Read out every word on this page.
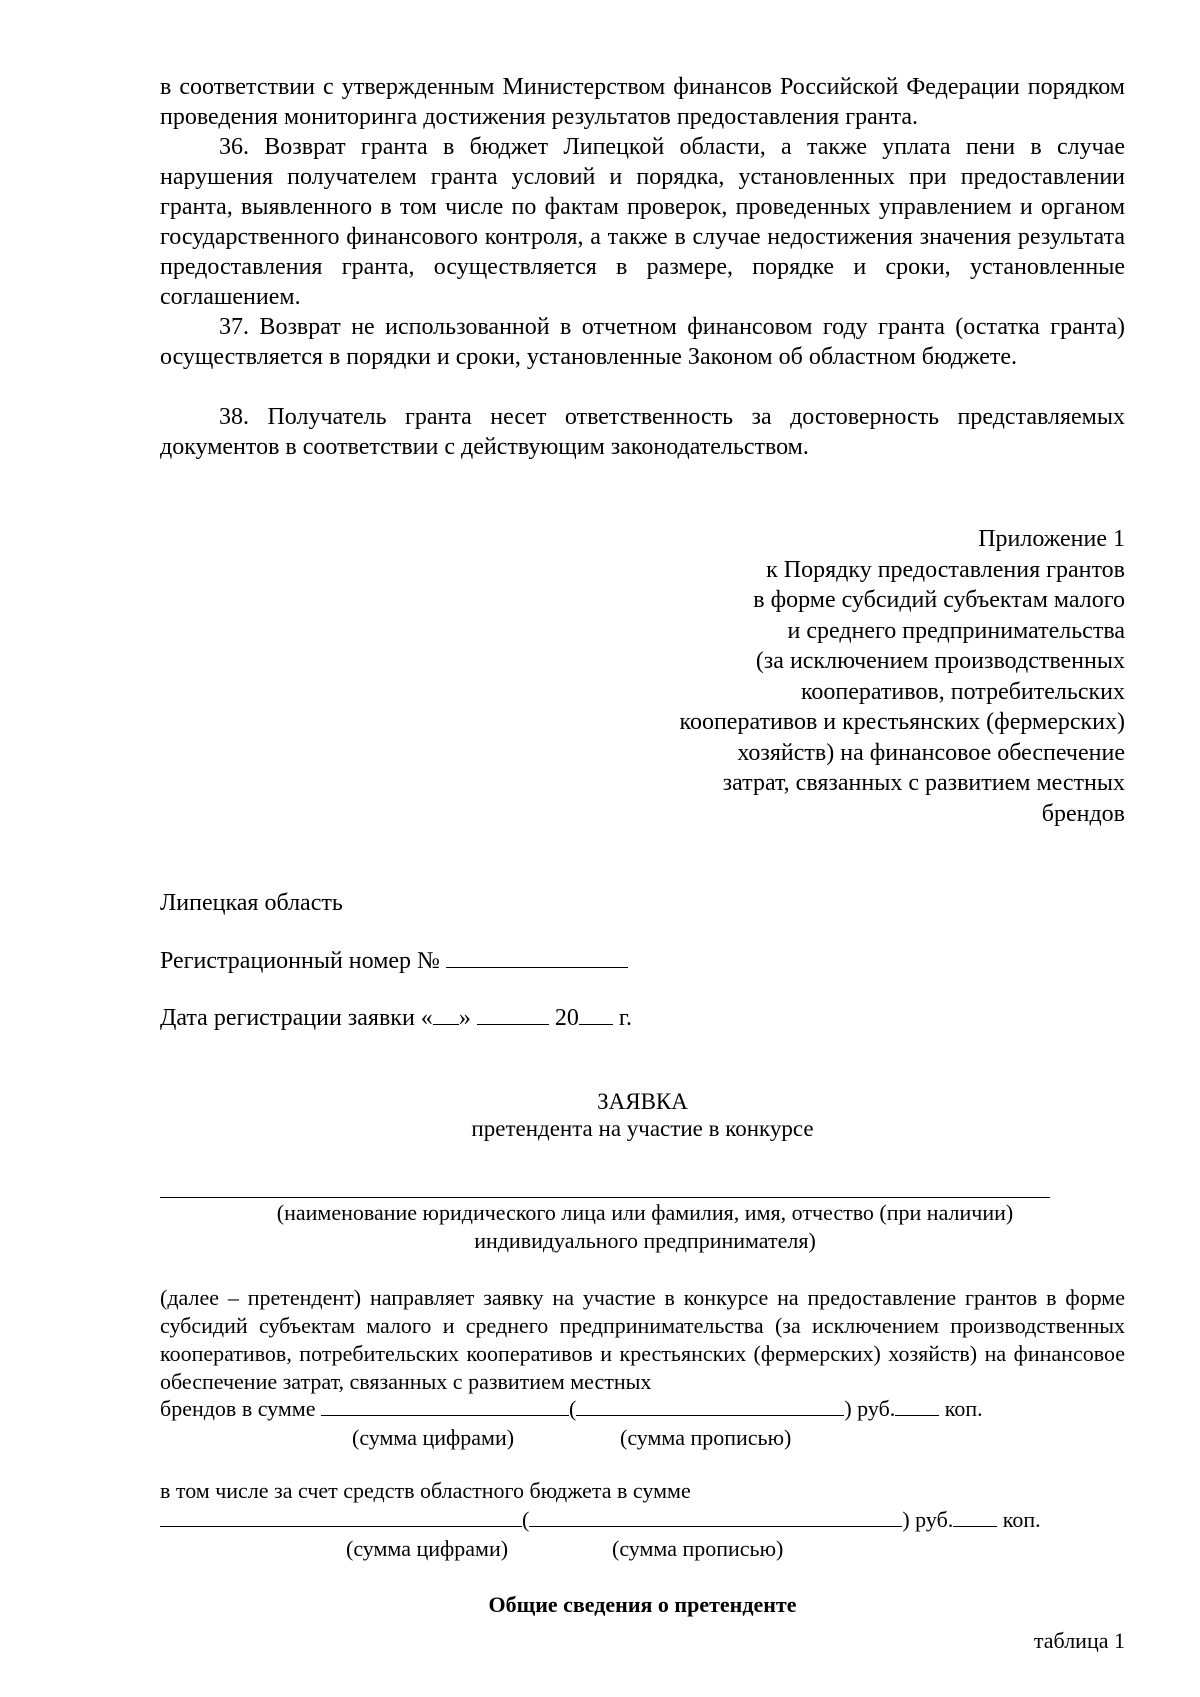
в соответствии с утвержденным Министерством финансов Российской Федерации порядком проведения мониторинга достижения результатов предоставления гранта.
36. Возврат гранта в бюджет Липецкой области, а также уплата пени в случае нарушения получателем гранта условий и порядка, установленных при предоставлении гранта, выявленного в том числе по фактам проверок, проведенных управлением и органом государственного финансового контроля, а также в случае недостижения значения результата предоставления гранта, осуществляется в размере, порядке и сроки, установленные соглашением.
37. Возврат не использованной в отчетном финансовом году гранта (остатка гранта) осуществляется в порядки и сроки, установленные Законом об областном бюджете.
38. Получатель гранта несет ответственность за достоверность представляемых документов в соответствии с действующим законодательством.
Приложение 1
к Порядку предоставления грантов
в форме субсидий субъектам малого
и среднего предпринимательства
(за исключением производственных
кооперативов, потребительских
кооперативов и крестьянских (фермерских)
хозяйств) на финансовое обеспечение
затрат, связанных с развитием местных
брендов
Липецкая область
Регистрационный номер №
Дата регистрации заявки « »	20 г.
ЗАЯВКА
претендента на участие в конкурсе
(наименование юридического лица или фамилия, имя, отчество (при наличии)
индивидуального предпринимателя)
(далее – претендент) направляет заявку на участие в конкурсе на предоставление грантов в форме субсидий субъектам малого и среднего предпринимательства (за исключением производственных кооперативов, потребительских кооперативов и крестьянских (фермерских) хозяйств) на финансовое обеспечение затрат, связанных с развитием местных
брендов в сумме	(	) руб. коп.
(сумма цифрами)	(сумма прописью)
в том числе за счет средств областного бюджета в сумме
(	) руб. коп.
(сумма цифрами)	(сумма прописью)
Общие сведения о претенденте
таблица 1
